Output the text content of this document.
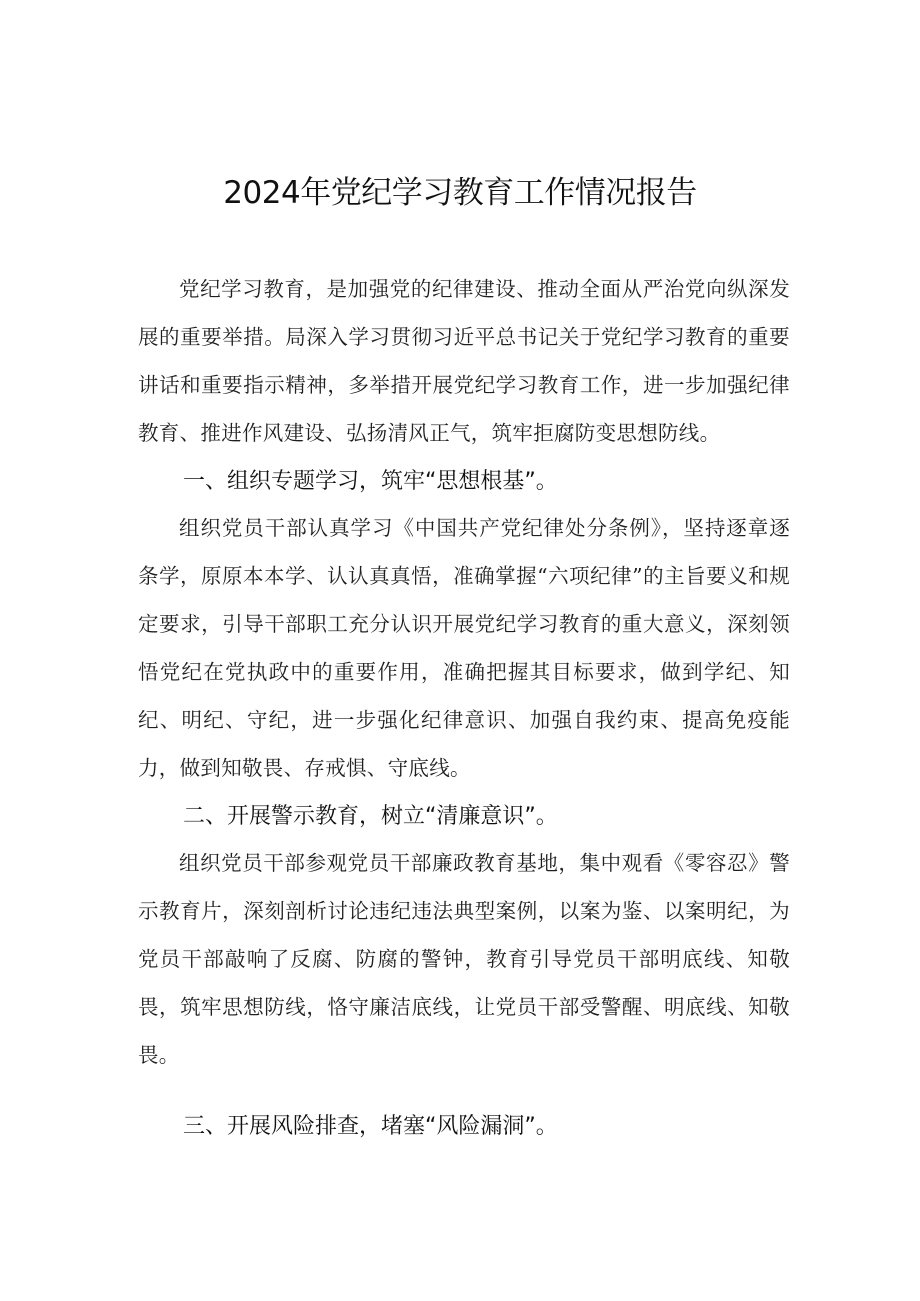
2024年党纪学习教育工作情况报告

党纪学习教育，是加强党的纪律建设、推动全面从严治党向纵深发展的重要举措。局深入学习贯彻习近平总书记关于党纪学习教育的重要讲话和重要指示精神，多举措开展党纪学习教育工作，进一步加强纪律教育、推进作风建设、弘扬清风正气，筑牢拒腐防变思想防线。

一、组织专题学习，筑牢“思想根基”。

组织党员干部认真学习《中国共产党纪律处分条例》，坚持逐章逐条学，原原本本学、认认真真悟，准确掌握“六项纪律”的主旨要义和规定要求，引导干部职工充分认识开展党纪学习教育的重大意义，深刻领悟党纪在党执政中的重要作用，准确把握其目标要求，做到学纪、知纪、明纪、守纪，进一步强化纪律意识、加强自我约束、提高免疫能力，做到知敬畏、存戒惧、守底线。

二、开展警示教育，树立“清廉意识”。

组织党员干部参观党员干部廉政教育基地，集中观看《零容忍》警示教育片，深刻剖析讨论违纪违法典型案例，以案为鉴、以案明纪，为党员干部敲响了反腐、防腐的警钟，教育引导党员干部明底线、知敬畏，筑牢思想防线，恪守廉洁底线，让党员干部受警醒、明底线、知敬畏。

三、开展风险排查，堵塞“风险漏洞”。
